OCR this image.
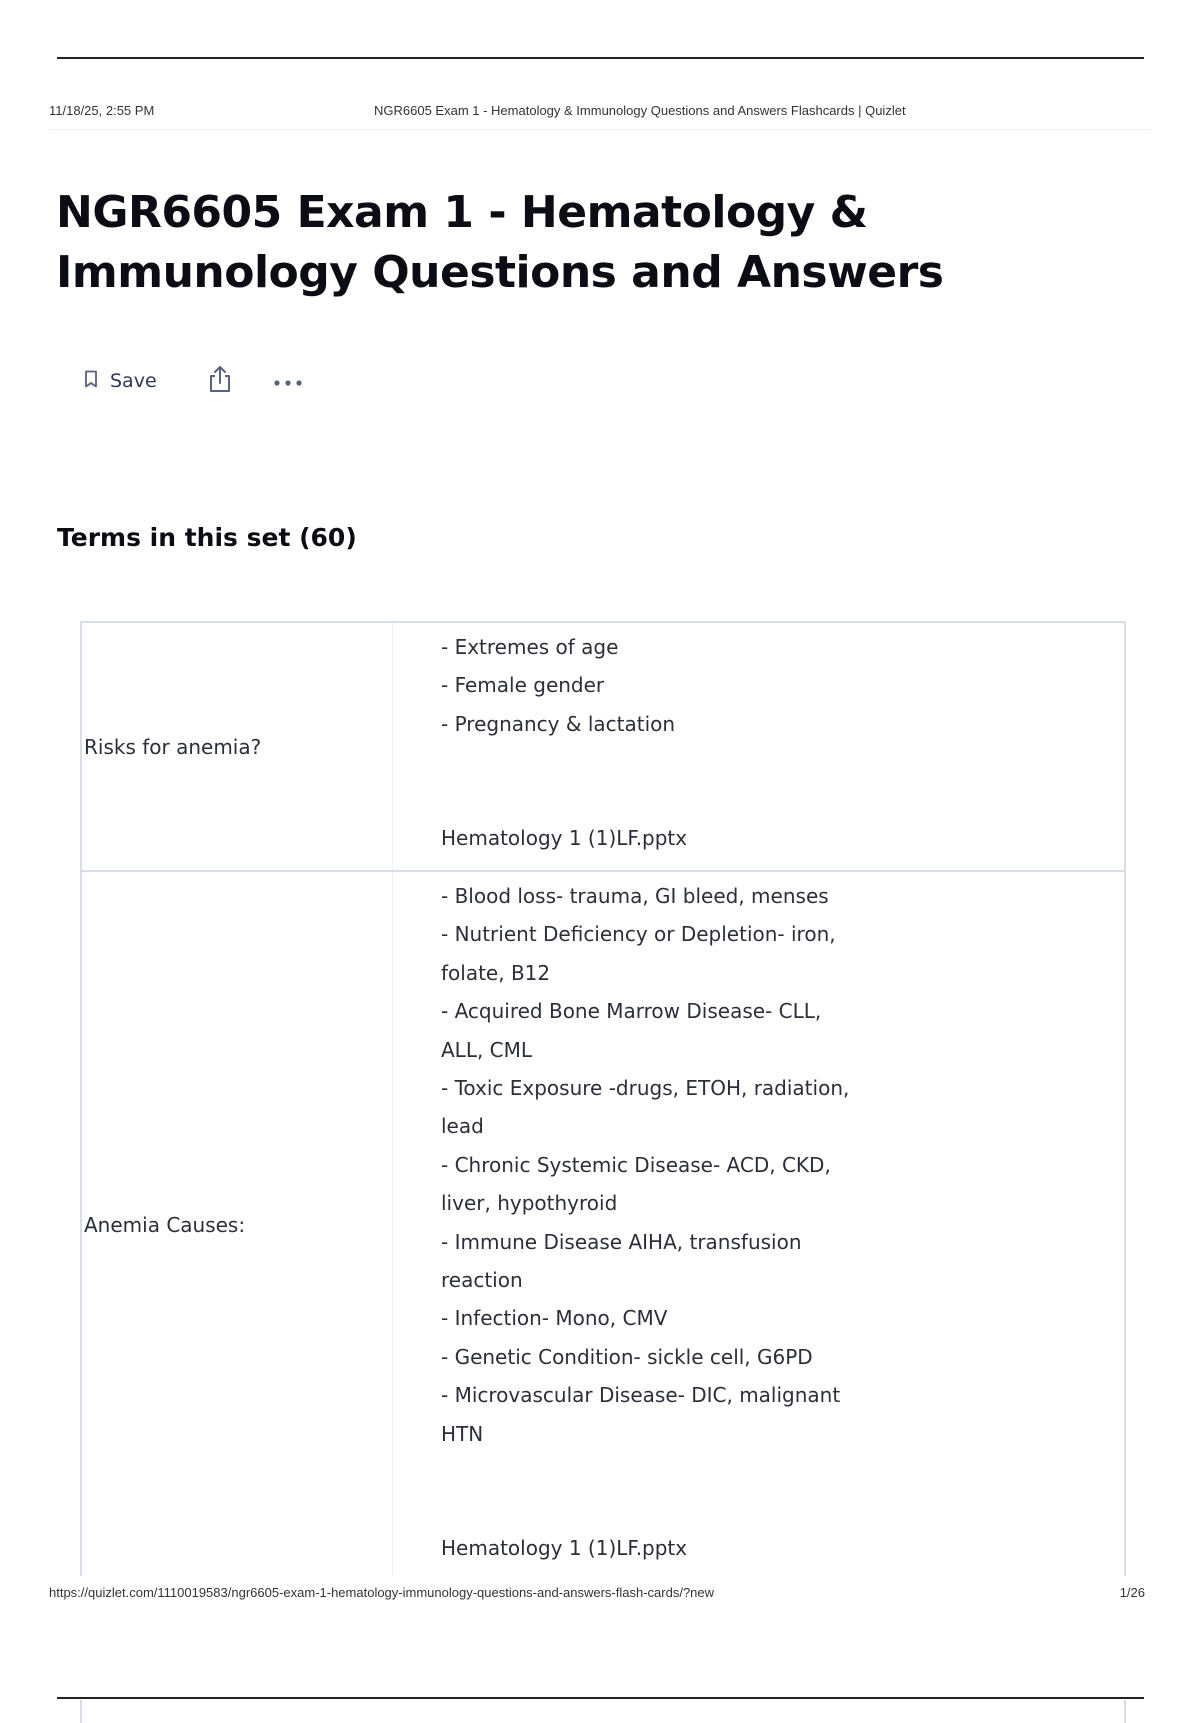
11/18/25, 2:55 PM	NGR6605 Exam 1 - Hematology & Immunology Questions and Answers Flashcards | Quizlet
NGR6605 Exam 1 - Hematology & Immunology Questions and Answers
Save
Terms in this set (60)
Risks for anemia?
- Extremes of age
- Female gender
- Pregnancy & lactation
Hematology 1 (1)LF.pptx
Anemia Causes:
- Blood loss- trauma, GI bleed, menses
- Nutrient Deficiency or Depletion- iron,
folate, B12
- Acquired Bone Marrow Disease- CLL,
ALL, CML
- Toxic Exposure -drugs, ETOH, radiation,
lead
- Chronic Systemic Disease- ACD, CKD,
liver, hypothyroid
- Immune Disease AIHA, transfusion
reaction
- Infection- Mono, CMV
- Genetic Condition- sickle cell, G6PD
- Microvascular Disease- DIC, malignant
HTN
Hematology 1 (1)LF.pptx
https://quizlet.com/1110019583/ngr6605-exam-1-hematology-immunology-questions-and-answers-flash-cards/?new	1/26
